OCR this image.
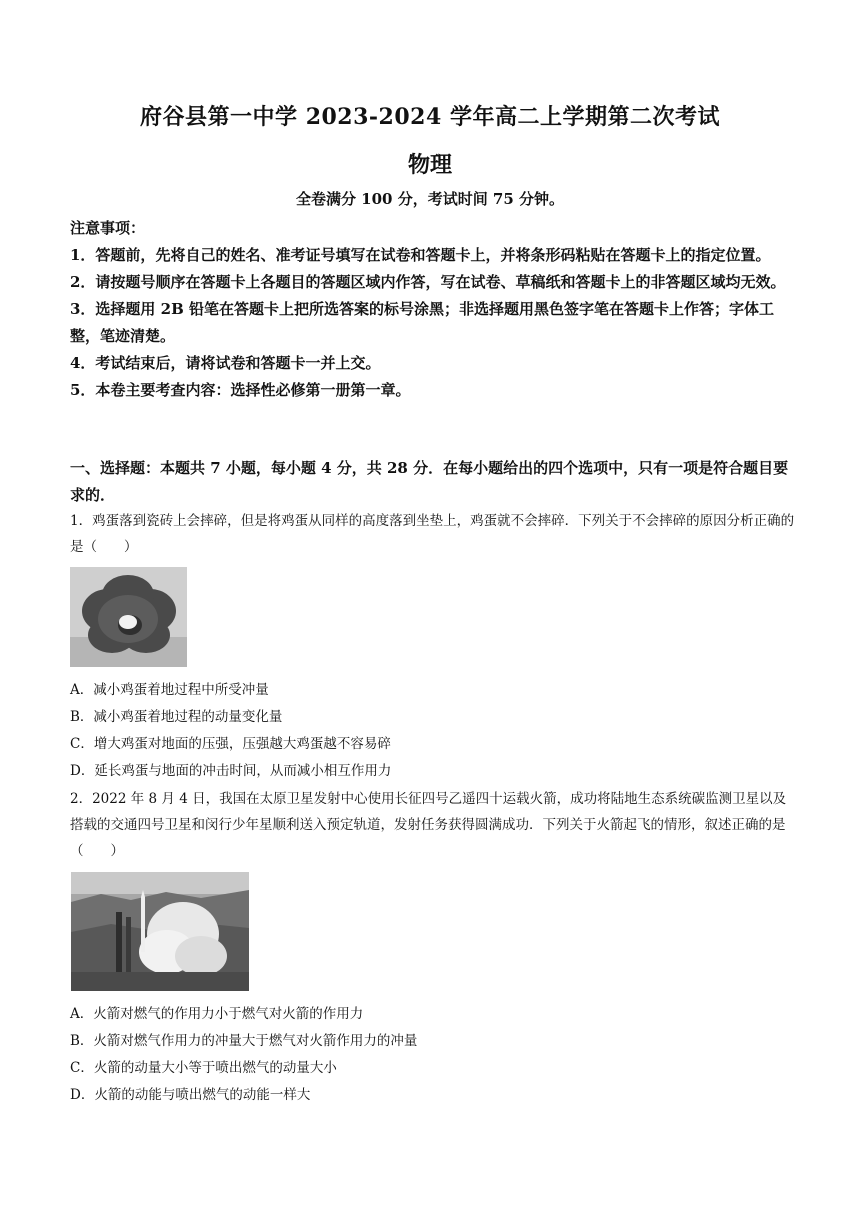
府谷县第一中学 2023-2024 学年高二上学期第二次考试
物理
全卷满分 100 分，考试时间 75 分钟。
注意事项：
1．答题前，先将自己的姓名、准考证号填写在试卷和答题卡上，并将条形码粘贴在答题卡上的指定位置。
2．请按题号顺序在答题卡上各题目的答题区域内作答，写在试卷、草稿纸和答题卡上的非答题区域均无效。
3．选择题用 2B 铅笔在答题卡上把所选答案的标号涂黑；非选择题用黑色签字笔在答题卡上作答；字体工整，笔迹清楚。
4．考试结束后，请将试卷和答题卡一并上交。
5．本卷主要考查内容：选择性必修第一册第一章。
一、选择题：本题共 7 小题，每小题 4 分，共 28 分．在每小题给出的四个选项中，只有一项是符合题目要求的．
1．鸡蛋落到瓷砖上会摔碎，但是将鸡蛋从同样的高度落到坐垫上，鸡蛋就不会摔碎．下列关于不会摔碎的原因分析正确的是（　　）
A．减小鸡蛋着地过程中所受冲量
B．减小鸡蛋着地过程的动量变化量
C．增大鸡蛋对地面的压强，压强越大鸡蛋越不容易碎
D．延长鸡蛋与地面的冲击时间，从而减小相互作用力
2．2022 年 8 月 4 日，我国在太原卫星发射中心使用长征四号乙遥四十运载火箭，成功将陆地生态系统碳监测卫星以及搭载的交通四号卫星和闵行少年星顺利送入预定轨道，发射任务获得圆满成功．下列关于火箭起飞的情形，叙述正确的是（　　）
A．火箭对燃气的作用力小于燃气对火箭的作用力
B．火箭对燃气作用力的冲量大于燃气对火箭作用力的冲量
C．火箭的动量大小等于喷出燃气的动量大小
D．火箭的动能与喷出燃气的动能一样大
